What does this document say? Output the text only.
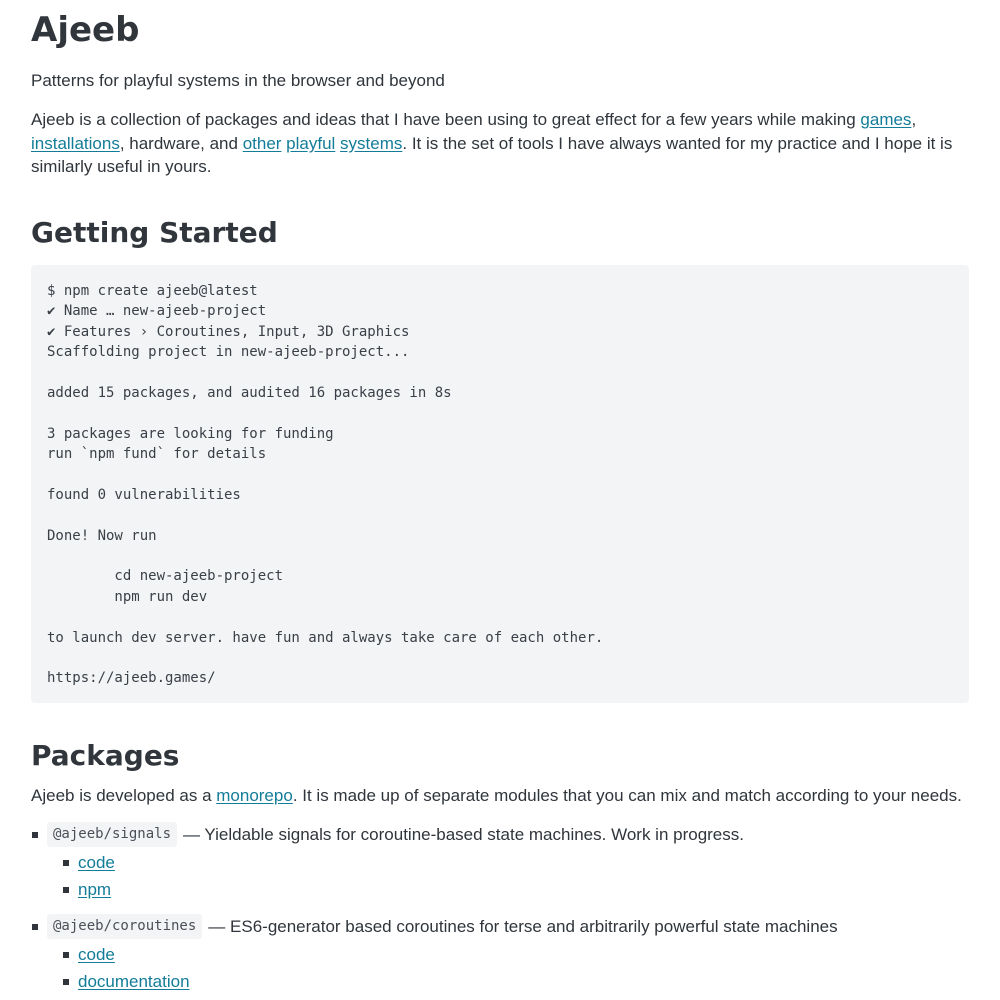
Ajeeb

Patterns for playful systems in the browser and beyond

Ajeeb is a collection of packages and ideas that I have been using to great effect for a few years while making games, installations, hardware, and other playful systems. It is the set of tools I have always wanted for my practice and I hope it is similarly useful in yours.

Getting Started
$ npm create ajeeb@latest
✔ Name … new-ajeeb-project
✔ Features › Coroutines, Input, 3D Graphics
Scaffolding project in new-ajeeb-project...

added 15 packages, and audited 16 packages in 8s

3 packages are looking for funding
run `npm fund` for details

found 0 vulnerabilities

Done! Now run

cd new-ajeeb-project
npm run dev

to launch dev server. have fun and always take care of each other.

https://ajeeb.games/
Packages

Ajeeb is developed as a monorepo. It is made up of separate modules that you can mix and match according to your needs.

@ajeeb/signals — Yieldable signals for coroutine-based state machines. Work in progress.
code
npm
@ajeeb/coroutines — ES6-generator based coroutines for terse and arbitrarily powerful state machines
code
documentation
